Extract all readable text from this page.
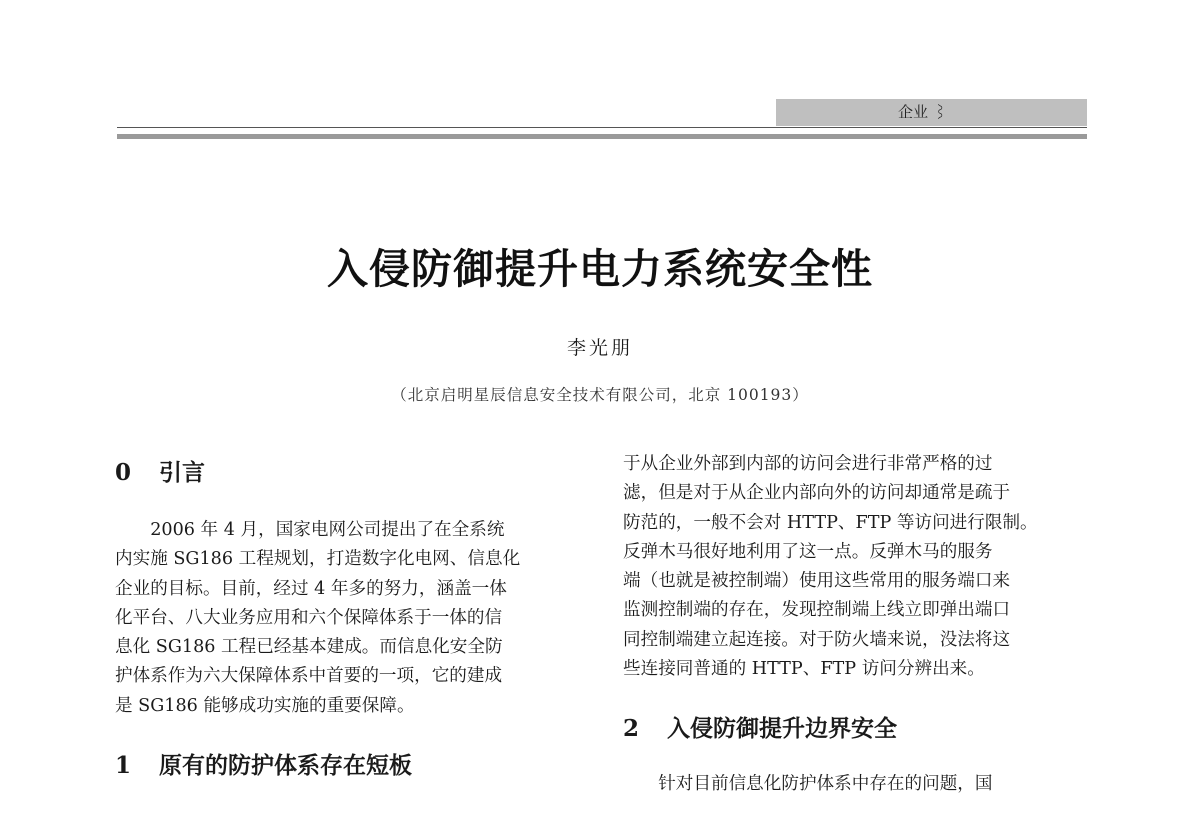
企业 ⌇
入侵防御提升电力系统安全性
李光朋
（北京启明星辰信息安全技术有限公司，北京 100193）
0 引言

2006 年 4 月，国家电网公司提出了在全系统
内实施 SG186 工程规划，打造数字化电网、信息化
企业的目标。目前，经过 4 年多的努力，涵盖一体
化平台、八大业务应用和六个保障体系于一体的信
息化 SG186 工程已经基本建成。而信息化安全防
护体系作为六大保障体系中首要的一项，它的建成
是 SG186 能够成功实施的重要保障。

1 原有的防护体系存在短板

于从企业外部到内部的访问会进行非常严格的过
滤，但是对于从企业内部向外的访问却通常是疏于
防范的，一般不会对 HTTP、FTP 等访问进行限制。
反弹木马很好地利用了这一点。反弹木马的服务
端（也就是被控制端）使用这些常用的服务端口来
监测控制端的存在，发现控制端上线立即弹出端口
同控制端建立起连接。对于防火墙来说，没法将这
些连接同普通的 HTTP、FTP 访问分辨出来。

2 入侵防御提升边界安全

针对目前信息化防护体系中存在的问题，国
